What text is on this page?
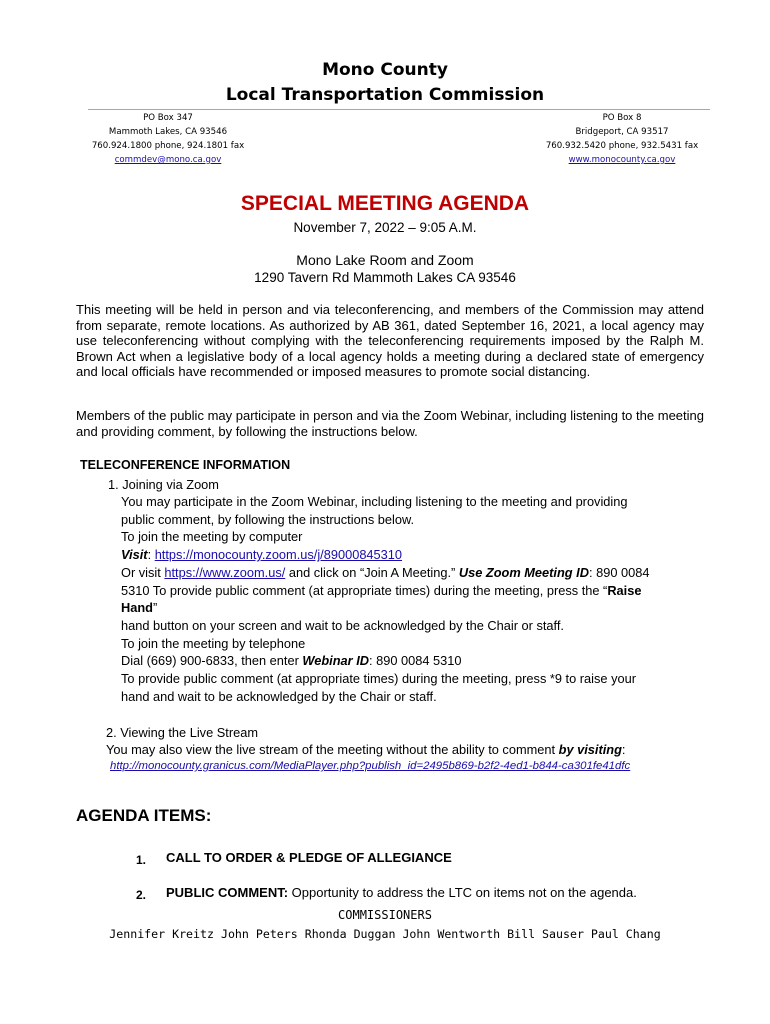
Mono County
Local Transportation Commission
PO Box 347
Mammoth Lakes, CA 93546
760.924.1800 phone, 924.1801 fax
commdev@mono.ca.gov
PO Box 8
Bridgeport, CA 93517
760.932.5420 phone, 932.5431 fax
www.monocounty.ca.gov
SPECIAL MEETING AGENDA
November 7, 2022 – 9:05 A.M.
Mono Lake Room and Zoom
1290 Tavern Rd Mammoth Lakes CA 93546
This meeting will be held in person and via teleconferencing, and members of the Commission may attend from separate, remote locations. As authorized by AB 361, dated September 16, 2021, a local agency may use teleconferencing without complying with the teleconferencing requirements imposed by the Ralph M. Brown Act when a legislative body of a local agency holds a meeting during a declared state of emergency and local officials have recommended or imposed measures to promote social distancing.
Members of the public may participate in person and via the Zoom Webinar, including listening to the meeting and providing comment, by following the instructions below.
TELECONFERENCE INFORMATION
1. Joining via Zoom
You may participate in the Zoom Webinar, including listening to the meeting and providing
public comment, by following the instructions below.
To join the meeting by computer
Visit: https://monocounty.zoom.us/j/89000845310
Or visit https://www.zoom.us/ and click on “Join A Meeting.” Use Zoom Meeting ID: 890 0084
5310 To provide public comment (at appropriate times) during the meeting, press the “Raise
Hand”
hand button on your screen and wait to be acknowledged by the Chair or staff.
To join the meeting by telephone
Dial (669) 900-6833, then enter Webinar ID: 890 0084 5310
To provide public comment (at appropriate times) during the meeting, press *9 to raise your
hand and wait to be acknowledged by the Chair or staff.
2. Viewing the Live Stream
You may also view the live stream of the meeting without the ability to comment by visiting:
http://monocounty.granicus.com/MediaPlayer.php?publish_id=2495b869-b2f2-4ed1-b844-ca301fe41dfc
AGENDA ITEMS:
1. CALL TO ORDER & PLEDGE OF ALLEGIANCE
2. PUBLIC COMMENT: Opportunity to address the LTC on items not on the agenda.
COMMISSIONERS
Jennifer Kreitz John Peters Rhonda Duggan John Wentworth Bill Sauser Paul Chang
